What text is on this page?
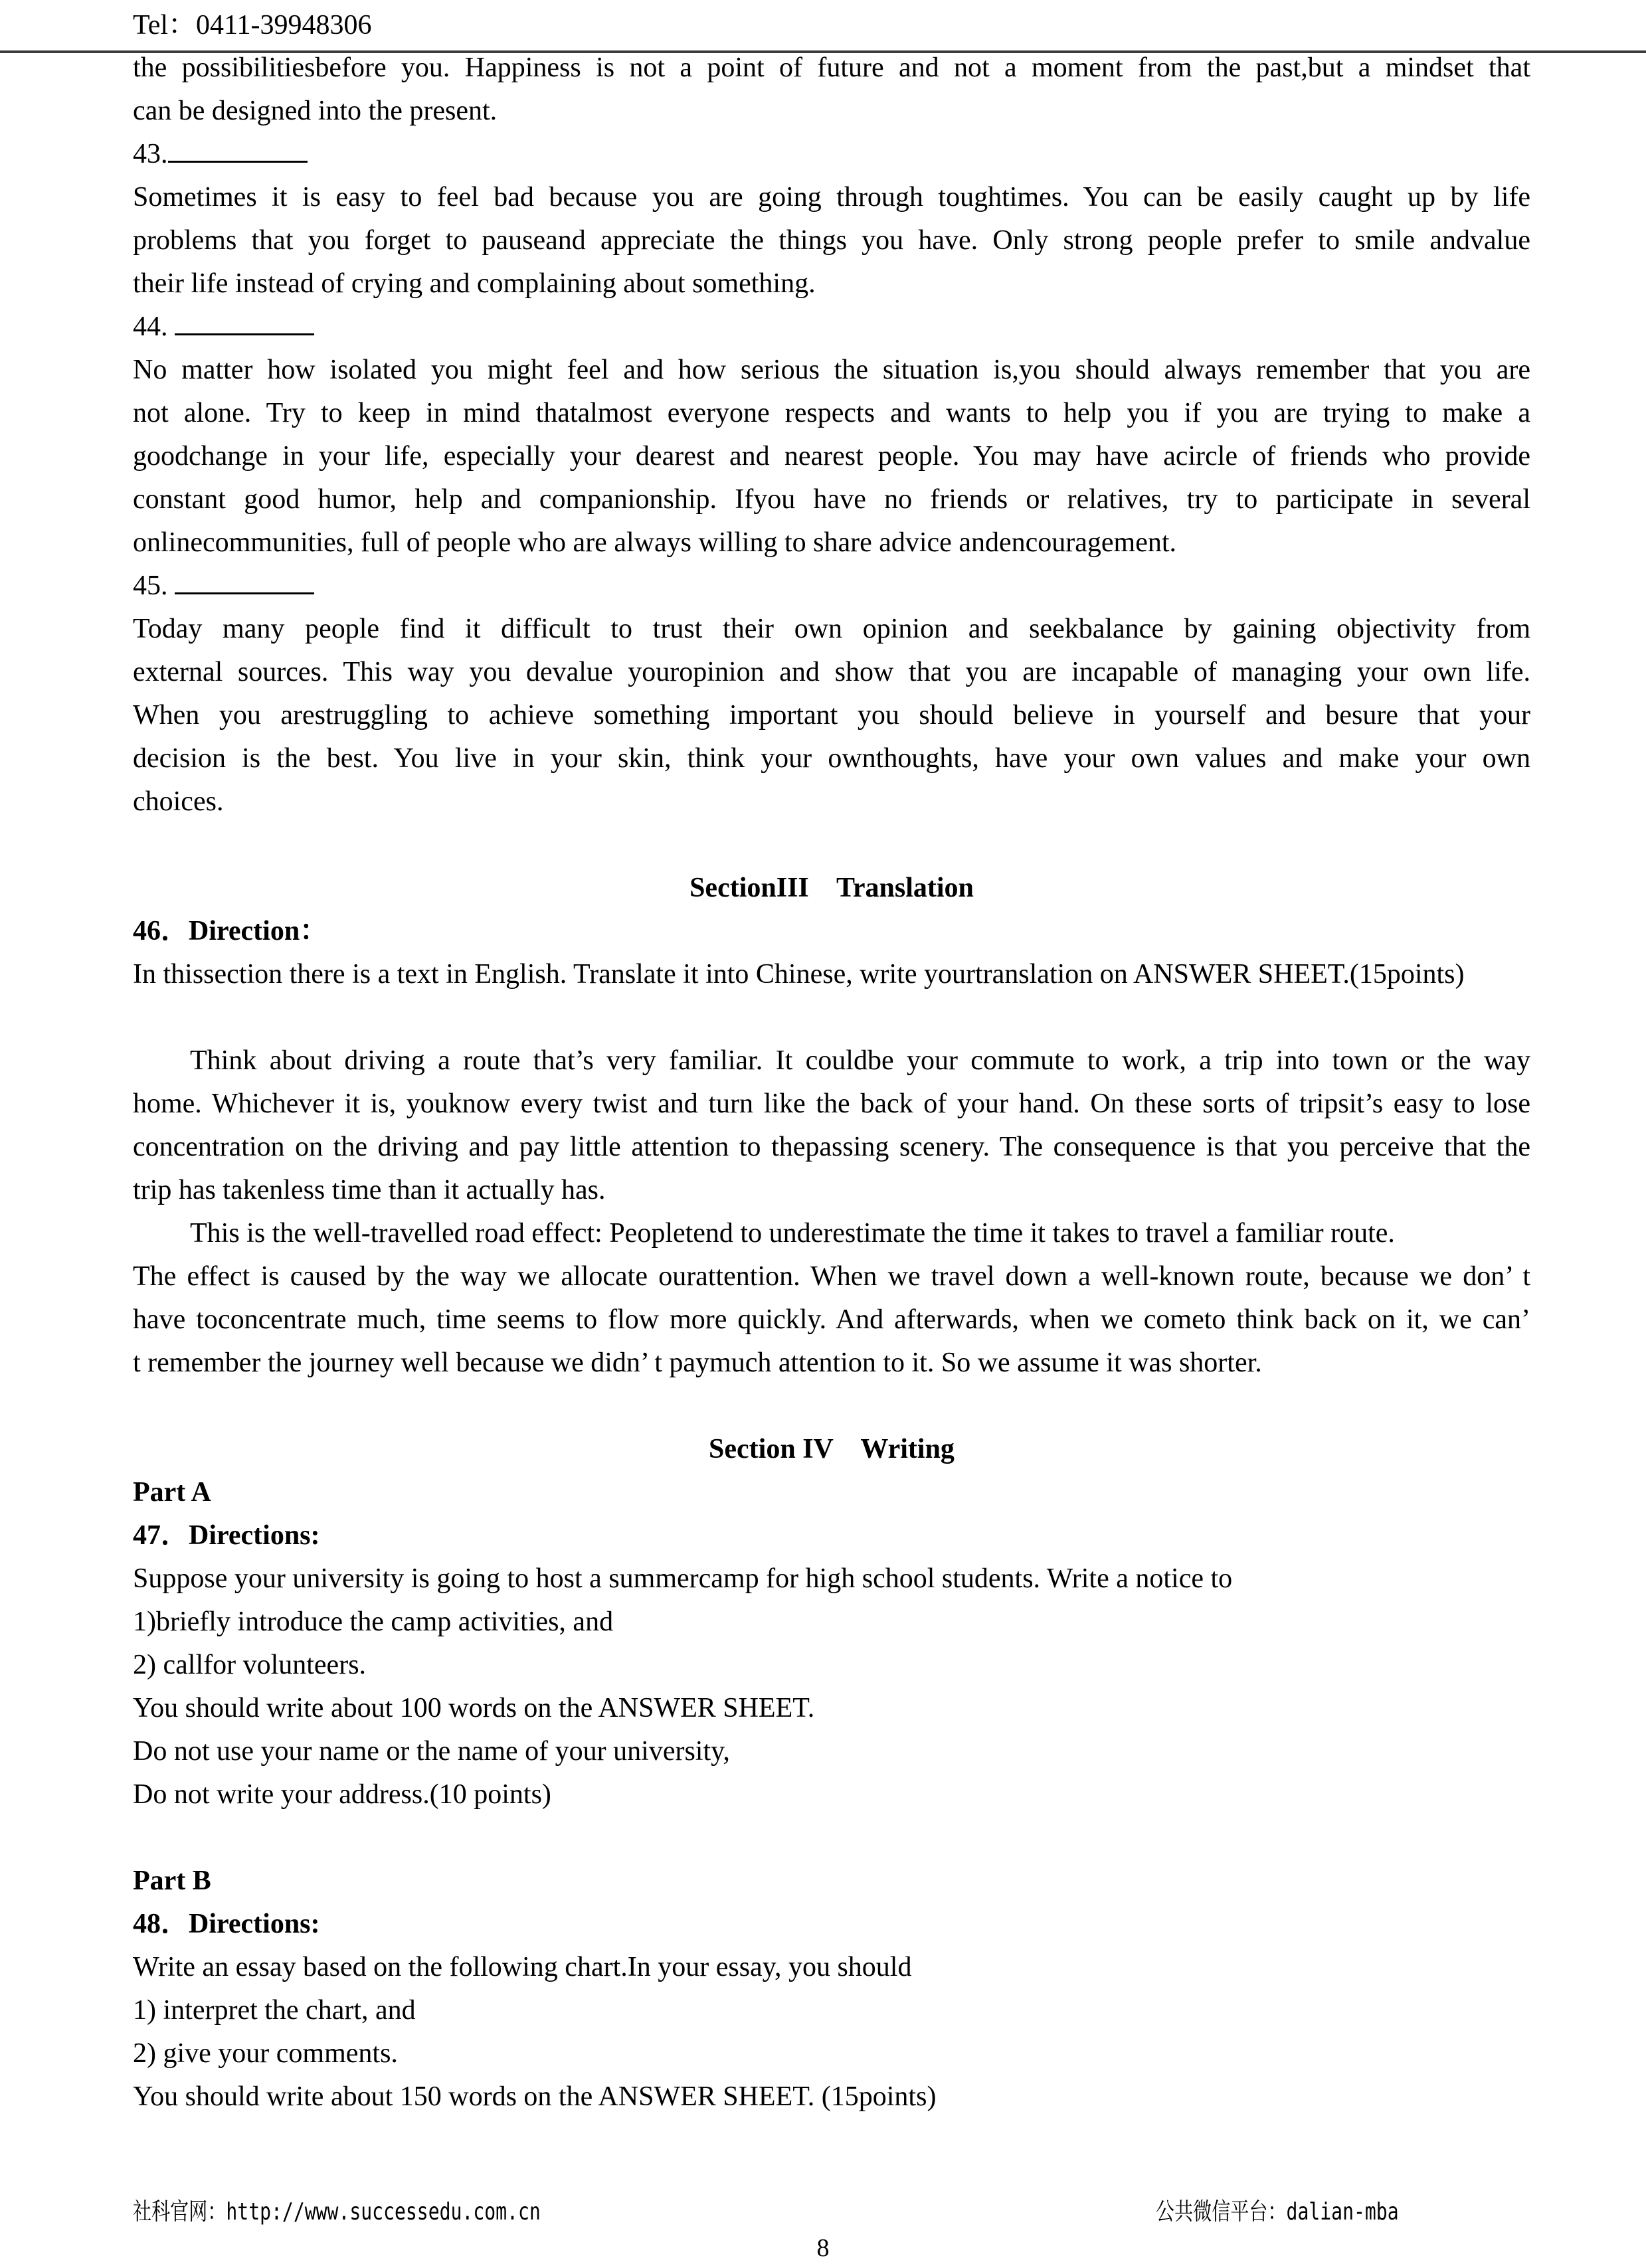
Tel：0411-39948306
the possibilitiesbefore you. Happiness is not a point of future and not a moment from the past,but a mindset that
can be designed into the present.
43.
Sometimes it is easy to feel bad because you are going through toughtimes. You can be easily caught up by life
problems that you forget to pauseand appreciate the things you have. Only strong people prefer to smile andvalue
their life instead of crying and complaining about something.
44.
No matter how isolated you might feel and how serious the situation is,you should always remember that you are
not alone. Try to keep in mind thatalmost everyone respects and wants to help you if you are trying to make a
goodchange in your life, especially your dearest and nearest people. You may have acircle of friends who provide
constant good humor, help and companionship. Ifyou have no friends or relatives, try to participate in several
onlinecommunities, full of people who are always willing to share advice andencouragement.
45.
Today many people find it difficult to trust their own opinion and seekbalance by gaining objectivity from
external sources. This way you devalue youropinion and show that you are incapable of managing your own life.
When you arestruggling to achieve something important you should believe in yourself and besure that your
decision is the best. You live in your skin, think your ownthoughts, have your own values and make your own
choices.
SectionIII    Translation
46．Direction：
In thissection there is a text in English. Translate it into Chinese, write yourtranslation on ANSWER SHEET.(15points)
Think about driving a route that’s very familiar. It couldbe your commute to work, a trip into town or the way
home. Whichever it is, youknow every twist and turn like the back of your hand. On these sorts of tripsit’s easy to lose
concentration on the driving and pay little attention to thepassing scenery. The consequence is that you perceive that the
trip has takenless time than it actually has.
This is the well-travelled road effect: Peopletend to underestimate the time it takes to travel a familiar route.
The effect is caused by the way we allocate ourattention. When we travel down a well-known route, because we don’ t
have toconcentrate much, time seems to flow more quickly. And afterwards, when we cometo think back on it, we can’
t remember the journey well because we didn’ t paymuch attention to it. So we assume it was shorter.
Section IV    Writing
Part A
47．Directions:
Suppose your university is going to host a summercamp for high school students. Write a notice to
1)briefly introduce the camp activities, and
2) callfor volunteers.
You should write about 100 words on the ANSWER SHEET.
Do not use your name or the name of your university,
Do not write your address.(10 points)
Part B
48．Directions:
Write an essay based on the following chart.In your essay, you should
1) interpret the chart, and
2) give your comments.
You should write about 150 words on the ANSWER SHEET. (15points)
社科官网：http://www.successedu.com.cn	公共微信平台：dalian-mba
8
